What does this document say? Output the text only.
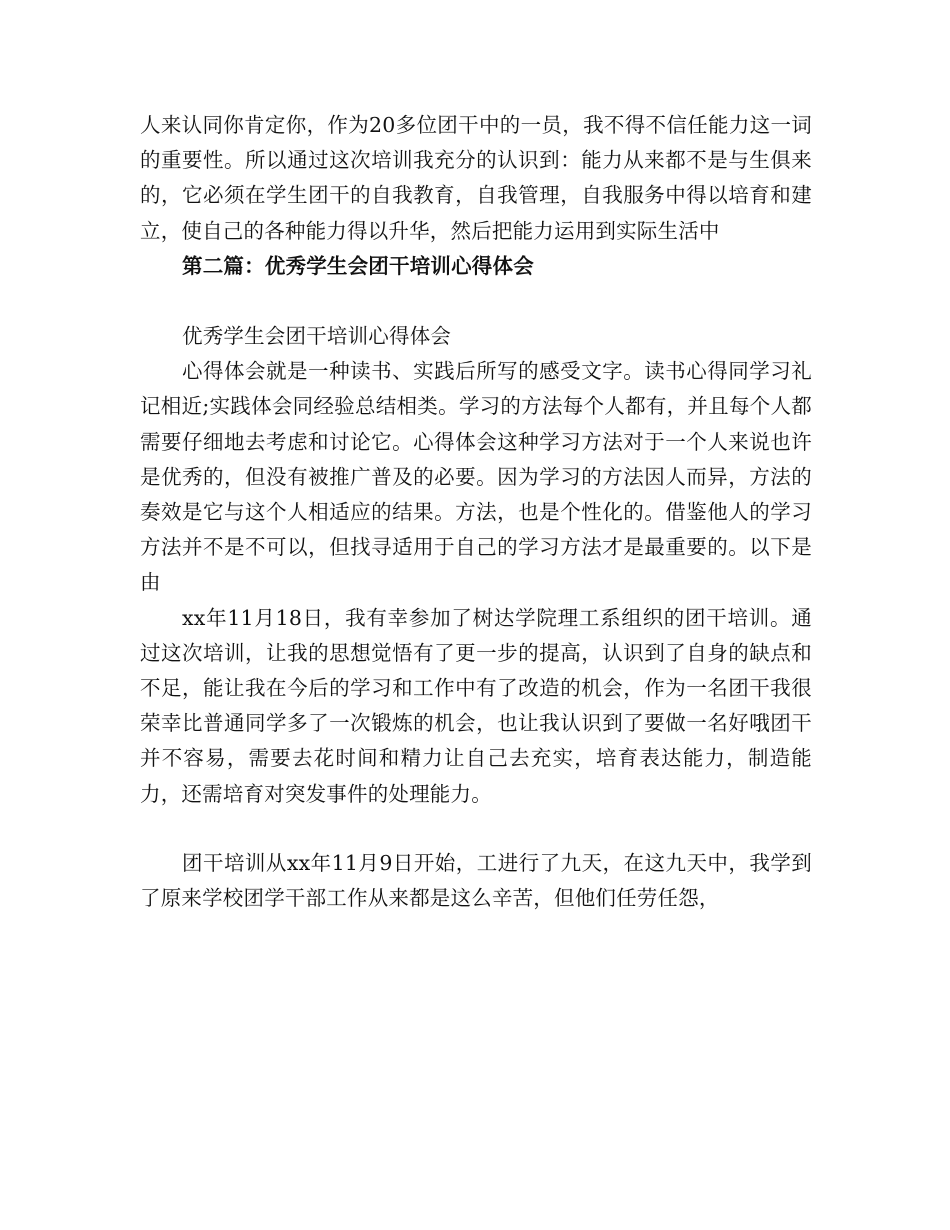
人来认同你肯定你，作为20多位团干中的一员，我不得不信任能力这一词的重要性。所以通过这次培训我充分的认识到：能力从来都不是与生俱来的，它必须在学生团干的自我教育，自我管理，自我服务中得以培育和建立，使自己的各种能力得以升华，然后把能力运用到实际生活中

第二篇：优秀学生会团干培训心得体会

优秀学生会团干培训心得体会

心得体会就是一种读书、实践后所写的感受文字。读书心得同学习礼记相近;实践体会同经验总结相类。学习的方法每个人都有，并且每个人都需要仔细地去考虑和讨论它。心得体会这种学习方法对于一个人来说也许是优秀的，但没有被推广普及的必要。因为学习的方法因人而异，方法的奏效是它与这个人相适应的结果。方法，也是个性化的。借鉴他人的学习方法并不是不可以，但找寻适用于自己的学习方法才是最重要的。以下是由

xx年11月18日，我有幸参加了树达学院理工系组织的团干培训。通过这次培训，让我的思想觉悟有了更一步的提高，认识到了自身的缺点和不足，能让我在今后的学习和工作中有了改造的机会，作为一名团干我很荣幸比普通同学多了一次锻炼的机会，也让我认识到了要做一名好哦团干并不容易，需要去花时间和精力让自己去充实，培育表达能力，制造能力，还需培育对突发事件的处理能力。

团干培训从xx年11月9日开始，工进行了九天，在这九天中，我学到了原来学校团学干部工作从来都是这么辛苦，但他们任劳任怨，
